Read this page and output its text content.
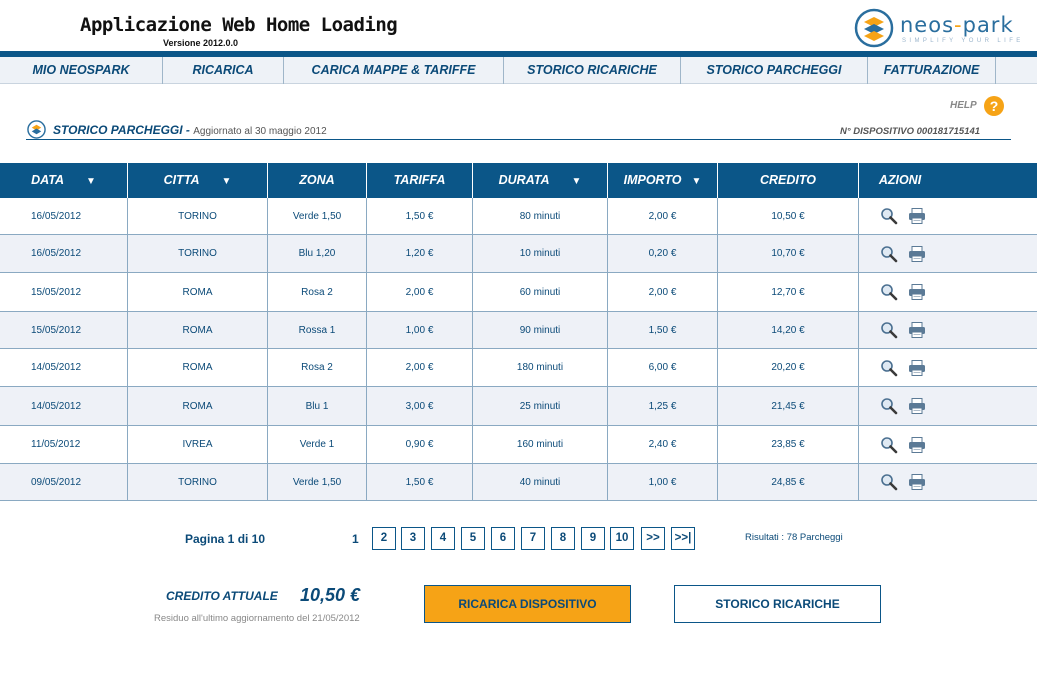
Applicazione Web Home Loading
Versione 2012.0.0
neos-park
SIMPLIFY YOUR LIFE
MIO NEOSPARK	RICARICA	CARICA MAPPE & TARIFFE	STORICO RICARICHE	STORICO PARCHEGGI	FATTURAZIONE
HELP ?
STORICO PARCHEGGI - Aggiornato al 30 maggio 2012	N° DISPOSITIVO 000181715141
DATA ▼	CITTA ▼	ZONA	TARIFFA	DURATA ▼	IMPORTO ▼	CREDITO	AZIONI
16/05/2012	TORINO	Verde 1,50	1,50 €	80 minuti	2,00 €	10,50 €
16/05/2012	TORINO	Blu 1,20	1,20 €	10 minuti	0,20 €	10,70 €
15/05/2012	ROMA	Rosa 2	2,00 €	60 minuti	2,00 €	12,70 €
15/05/2012	ROMA	Rossa 1	1,00 €	90 minuti	1,50 €	14,20 €
14/05/2012	ROMA	Rosa 2	2,00 €	180 minuti	6,00 €	20,20 €
14/05/2012	ROMA	Blu 1	3,00 €	25 minuti	1,25 €	21,45 €
11/05/2012	IVREA	Verde 1	0,90 €	160 minuti	2,40 €	23,85 €
09/05/2012	TORINO	Verde 1,50	1,50 €	40 minuti	1,00 €	24,85 €
Pagina 1 di 10	1	2	3	4	5	6	7	8	9	10	>>	>>|	Risultati : 78 Parcheggi
CREDITO ATTUALE 10,50 €
Residuo all'ultimo aggiornamento del 21/05/2012
RICARICA DISPOSITIVO	STORICO RICARICHE
